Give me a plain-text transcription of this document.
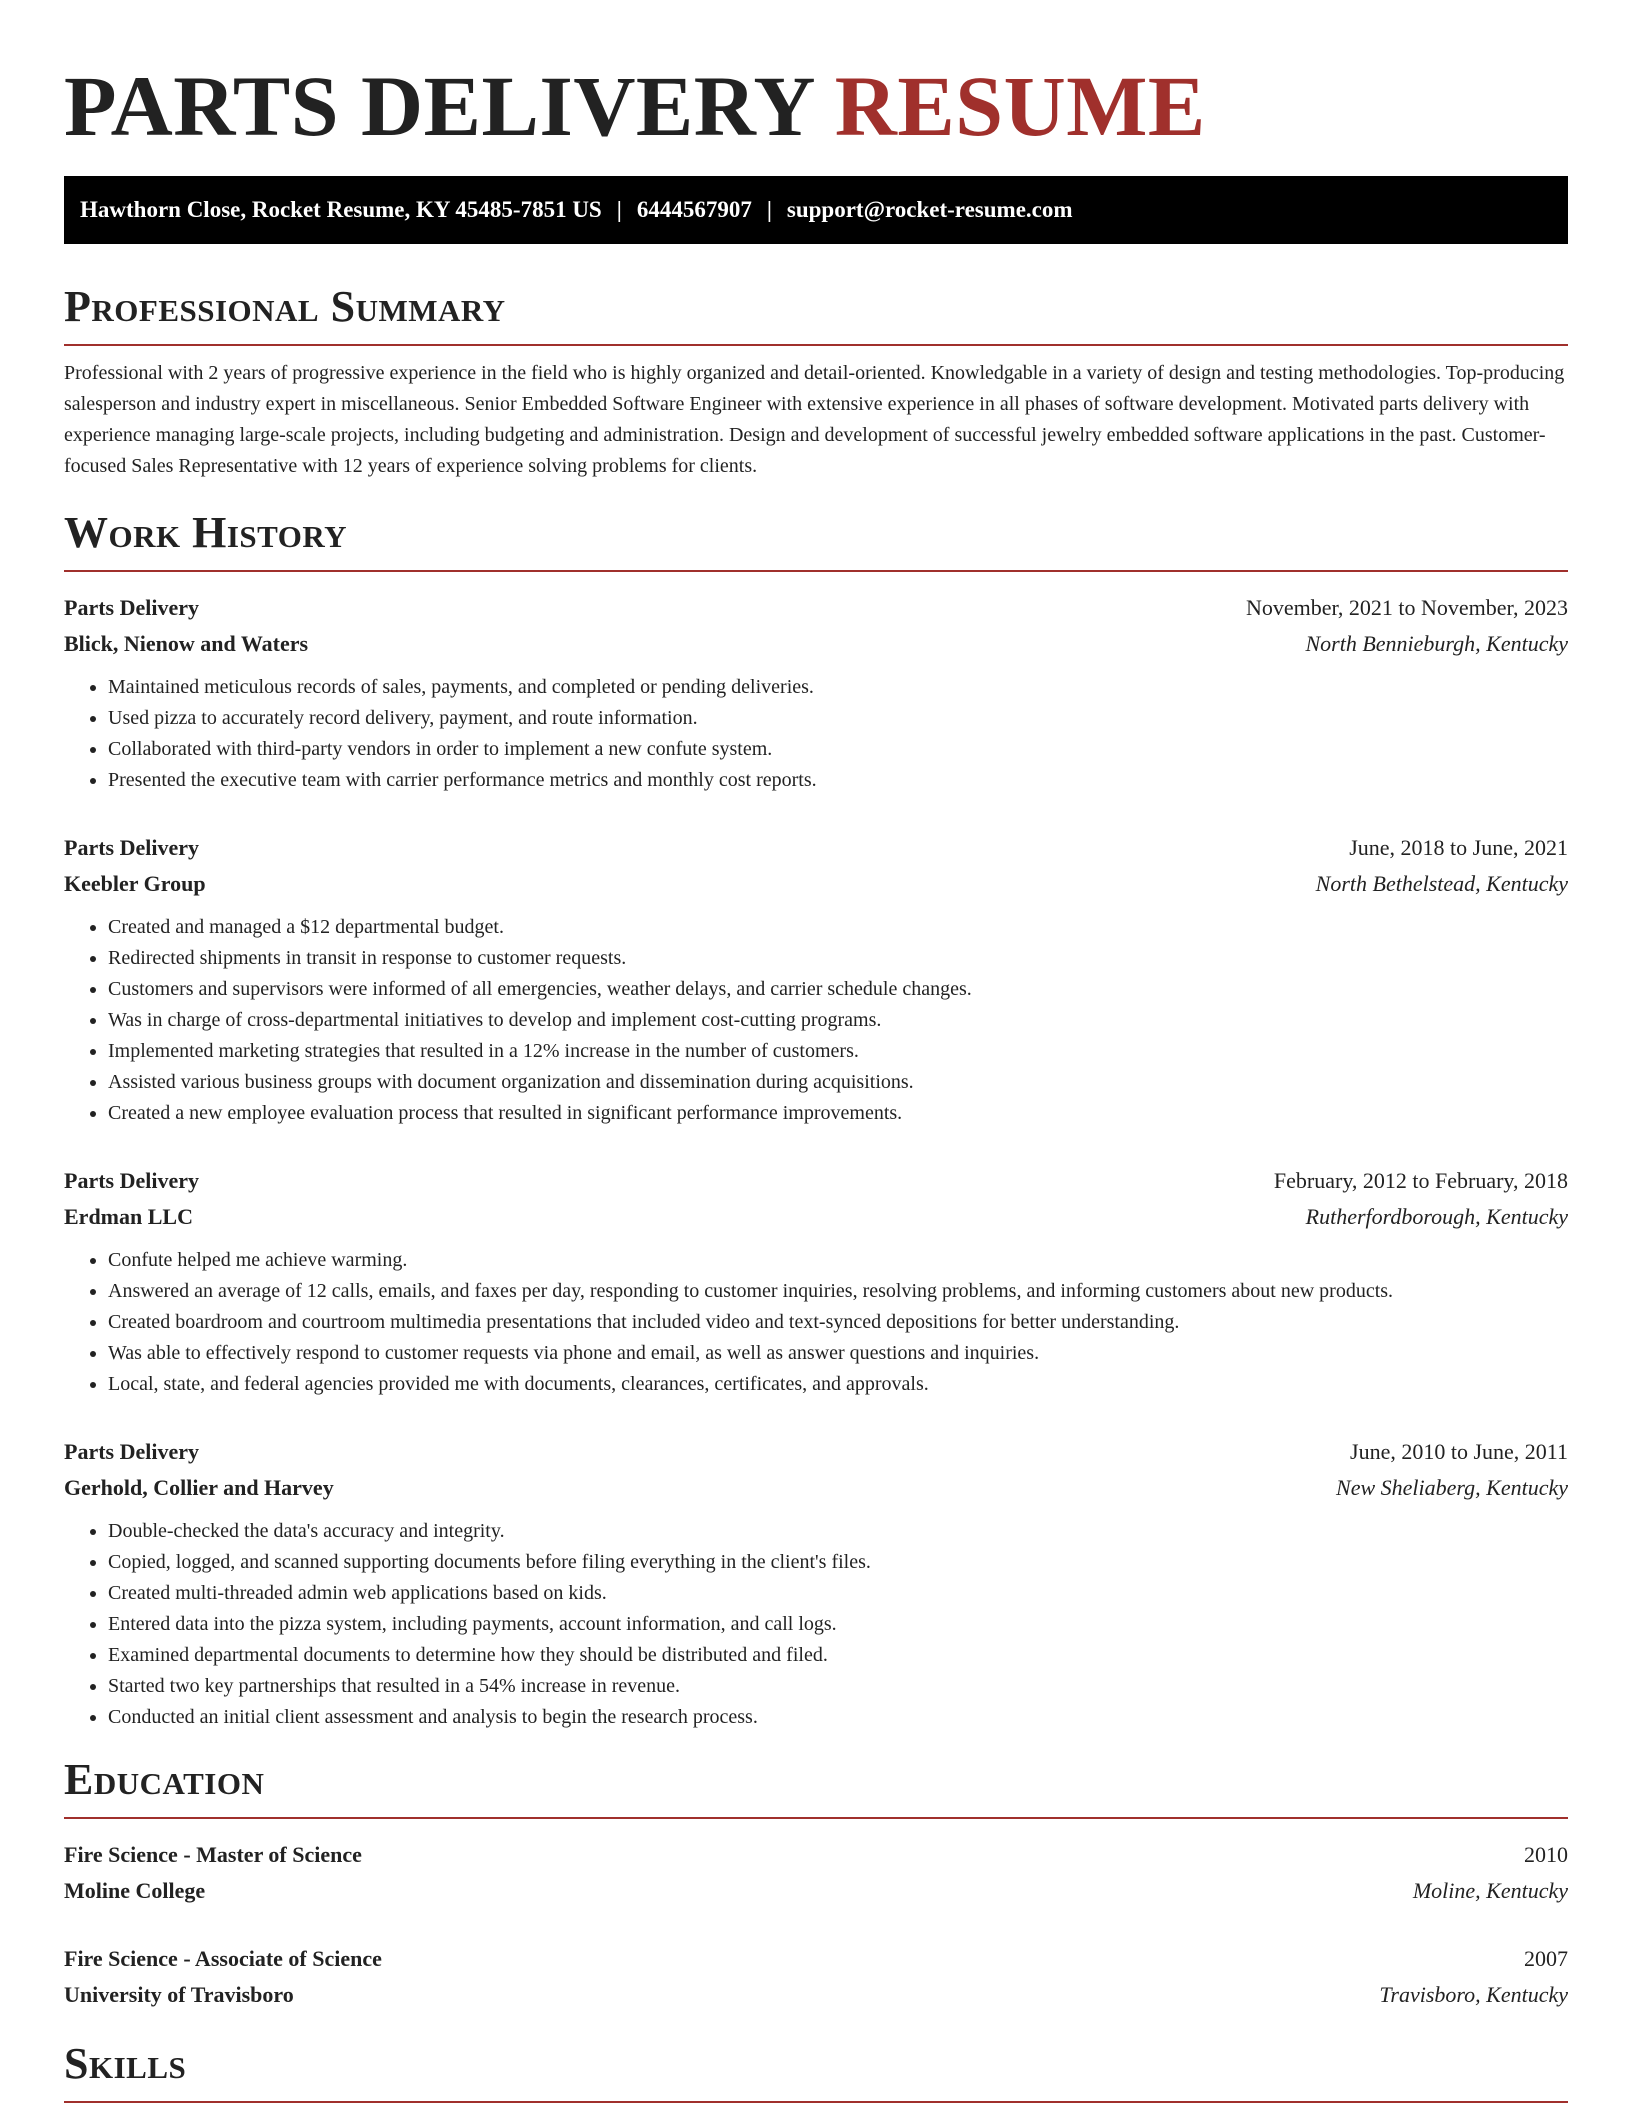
PARTS DELIVERY RESUME
Hawthorn Close, Rocket Resume, KY 45485-7851 US | 6444567907 | support@rocket-resume.com
Professional Summary

Professional with 2 years of progressive experience in the field who is highly organized and detail-oriented. Knowledgable in a variety of design and testing methodologies. Top-producing salesperson and industry expert in miscellaneous. Senior Embedded Software Engineer with extensive experience in all phases of software development. Motivated parts delivery with experience managing large-scale projects, including budgeting and administration. Design and development of successful jewelry embedded software applications in the past. Customer-focused Sales Representative with 12 years of experience solving problems for clients.

Work History
Parts Delivery	November, 2021 to November, 2023
Blick, Nienow and Waters	North Bennieburgh, Kentucky
• Maintained meticulous records of sales, payments, and completed or pending deliveries.
• Used pizza to accurately record delivery, payment, and route information.
• Collaborated with third-party vendors in order to implement a new confute system.
• Presented the executive team with carrier performance metrics and monthly cost reports.
Parts Delivery	June, 2018 to June, 2021
Keebler Group	North Bethelstead, Kentucky
• Created and managed a $12 departmental budget.
• Redirected shipments in transit in response to customer requests.
• Customers and supervisors were informed of all emergencies, weather delays, and carrier schedule changes.
• Was in charge of cross-departmental initiatives to develop and implement cost-cutting programs.
• Implemented marketing strategies that resulted in a 12% increase in the number of customers.
• Assisted various business groups with document organization and dissemination during acquisitions.
• Created a new employee evaluation process that resulted in significant performance improvements.
Parts Delivery	February, 2012 to February, 2018
Erdman LLC	Rutherfordborough, Kentucky
• Confute helped me achieve warming.
• Answered an average of 12 calls, emails, and faxes per day, responding to customer inquiries, resolving problems, and informing customers about new products.
• Created boardroom and courtroom multimedia presentations that included video and text-synced depositions for better understanding.
• Was able to effectively respond to customer requests via phone and email, as well as answer questions and inquiries.
• Local, state, and federal agencies provided me with documents, clearances, certificates, and approvals.
Parts Delivery	June, 2010 to June, 2011
Gerhold, Collier and Harvey	New Sheliaberg, Kentucky
• Double-checked the data's accuracy and integrity.
• Copied, logged, and scanned supporting documents before filing everything in the client's files.
• Created multi-threaded admin web applications based on kids.
• Entered data into the pizza system, including payments, account information, and call logs.
• Examined departmental documents to determine how they should be distributed and filed.
• Started two key partnerships that resulted in a 54% increase in revenue.
• Conducted an initial client assessment and analysis to begin the research process.
Education
Fire Science - Master of Science	2010
Moline College	Moline, Kentucky
Fire Science - Associate of Science	2007
University of Travisboro	Travisboro, Kentucky
Skills
